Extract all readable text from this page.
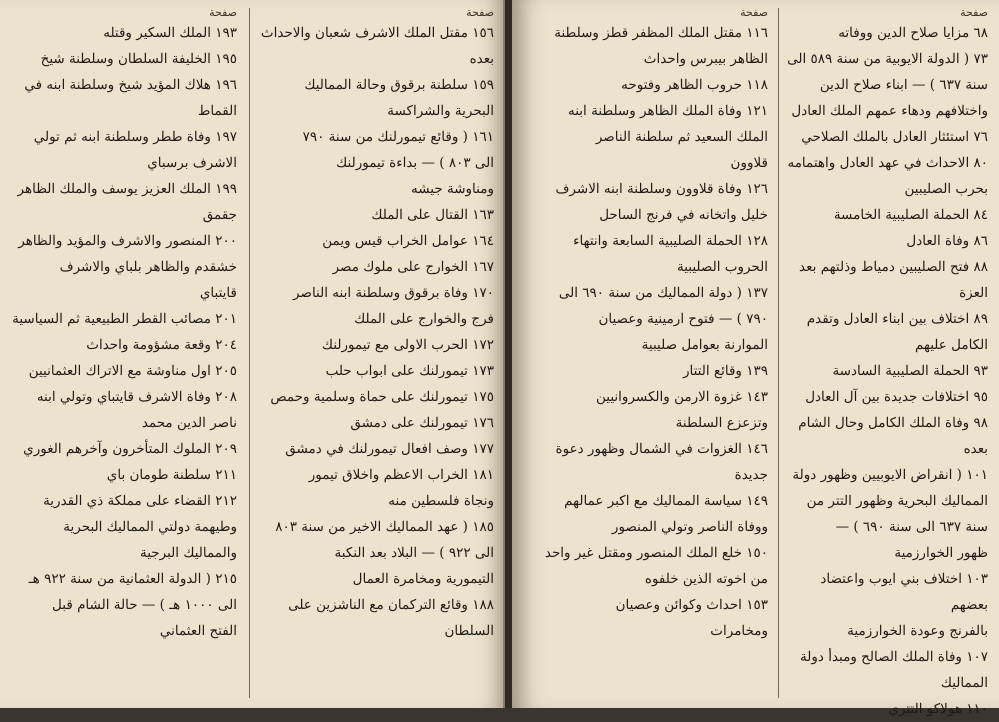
صفحة

١٩٣ الملك السكير وقتله

١٩٥ الخليفة السلطان وسلطنة شيخ

١٩٦ هلاك المؤيد شيخ وسلطنة ابنه في

القماط

١٩٧ وفاة ططر وسلطنة ابنه ثم تولي

الاشرف برسباي

١٩٩ الملك العزيز يوسف والملك الظاهر

جقمق

٢٠٠ المنصور والاشرف والمؤيد والظاهر

خشقدم والظاهر بلباي والاشرف

قايتباي

٢٠١ مصائب القطر الطبيعية ثم السياسية

٢٠٤ وقعة مشؤومة واحداث

٢٠٥ اول مناوشة مع الاتراك العثمانيين

٢٠٨ وفاة الاشرف قايتباي وتولي ابنه

ناصر الدين محمد

٢٠٩ الملوك المتأخرون وآخرهم الغوري

٢١١ سلطنة طومان باي

٢١٢ القضاء على مملكة ذي القدرية

وطيهمة دولتي المماليك البحرية

والمماليك البرجية

٢١٥ ( الدولة العثمانية من سنة ٩٢٢ هـ

الى ١٠٠٠ هـ ) — حالة الشام قبل

الفتح العثماني

صفحة

١٥٦ مقتل الملك الاشرف شعبان والاحداث

بعده

١٥٩ سلطنة برقوق وحالة المماليك

البحرية والشراكسة

١٦١ ( وقائع تيمورلنك من سنة ٧٩٠

الى ٨٠٣ ) — بداءة تيمورلنك

ومناوشة جيشه

١٦٣ القتال على الملك

١٦٤ عوامل الخراب قيس ويمن

١٦٧ الخوارج على ملوك مصر

١٧٠ وفاة برقوق وسلطنة ابنه الناصر

فرج والخوارج على الملك

١٧٢ الحرب الاولى مع تيمورلنك

١٧٣ تيمورلنك على ابواب حلب

١٧٥ تيمورلنك على حماة وسلمية وحمص

١٧٦ تيمورلنك على دمشق

١٧٧ وصف افعال تيمورلنك في دمشق

١٨١ الخراب الاعظم واخلاق تيمور

ونجاة فلسطين منه

١٨٥ ( عهد المماليك الاخير من سنة ٨٠٣

الى ٩٢٢ ) — البلاد بعد النكبة

التيمورية ومخامرة العمال

١٨٨ وقائع التركمان مع الناشزين على

السلطان

صفحة

١١٦ مقتل الملك المظفر قطز وسلطنة

الظاهر بيبرس واحداث

١١٨ حروب الظاهر وفتوحه

١٢١ وفاة الملك الظاهر وسلطنة ابنه

الملك السعيد ثم سلطنة الناصر

قلاوون

١٢٦ وفاة قلاوون وسلطنة ابنه الاشرف

خليل واتخانه في فرنج الساحل

١٢٨ الحملة الصليبية السابعة وانتهاء

الحروب الصليبية

١٣٧ ( دولة المماليك من سنة ٦٩٠ الى

٧٩٠ ) — فتوح ارمينية وعصيان

الموارنة بعوامل صليبية

١٣٩ وقائع التتار

١٤٣ غزوة الارمن والكسروانيين

وتزعزع السلطنة

١٤٦ الغزوات في الشمال وظهور دعوة

جديدة

١٤٩ سياسة المماليك مع اكبر عمالهم

ووفاة الناصر وتولي المنصور

١٥٠ خلع الملك المنصور ومقتل غير واحد

من اخوته الذين خلفوه

١٥٣ احداث وكوائن وعصيان

ومخامرات

صفحة

٦٨ مزايا صلاح الدين ووفاته

٧٣ ( الدولة الايوبية من سنة ٥٨٩ الى

سنة ٦٣٧ ) — ابناء صلاح الدين

واختلافهم ودهاء عمهم الملك العادل

٧٦ استئثار العادل بالملك الصلاحي

٨٠ الاحداث في عهد العادل واهتمامه

بحرب الصليبين

٨٤ الحملة الصليبية الخامسة

٨٦ وفاة العادل

٨٨ فتح الصليبين دمياط وذلتهم بعد

العزة

٨٩ اختلاف بين ابناء العادل وتقدم

الكامل عليهم

٩٣ الحملة الصليبية السادسة

٩٥ اختلافات جديدة بين آل العادل

٩٨ وفاة الملك الكامل وحال الشام بعده

١٠١ ( انقراض الايوبيين وظهور دولة

المماليك البحرية وظهور التتر من

سنة ٦٣٧ الى سنة ٦٩٠ ) —

ظهور الخوارزمية

١٠٣ اختلاف بني ايوب واعتضاد بعضهم

بالفرنج وعودة الخوارزمية

١٠٧ وفاة الملك الصالح ومبدأ دولة المماليك

١١٠ هولاكو التتري
